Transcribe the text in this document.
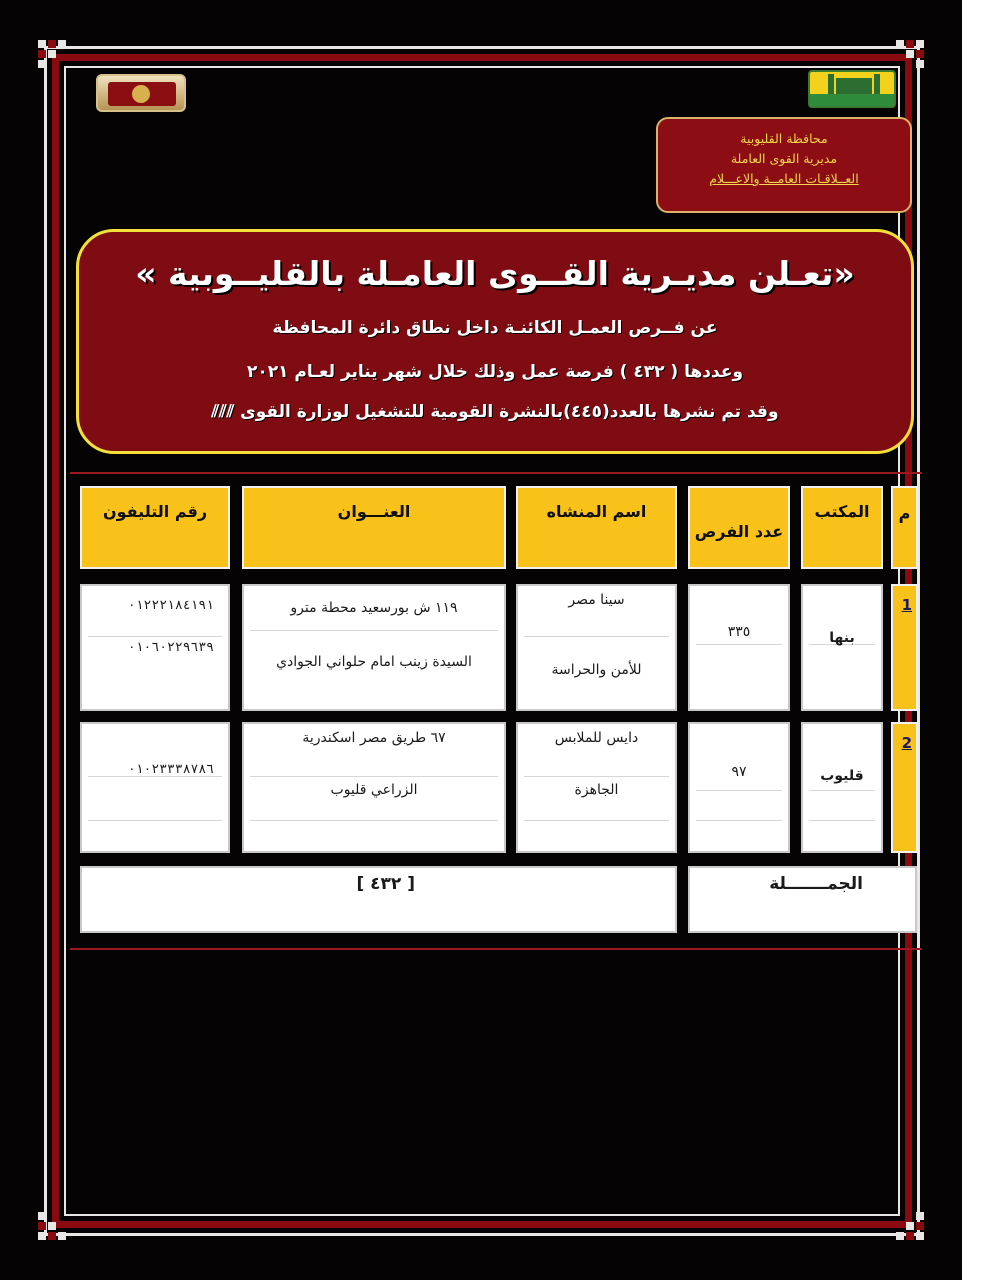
محافظة القليوبية
مديرية القوى العاملة
العــلاقـات العامــة والاعـــلام
«تعـلن مديـرية القــوى العامـلة بالقليــوبية »
عن فــرص العمـل الكائنـة داخل نطاق دائرة المحافظة
وعددها ( ٤٣٢ ) فرصة عمل وذلك خلال شهر يناير لعـام ٢٠٢١
وقد تم نشرها بالعدد(٤٤٥)بالنشرة القومية للتشغيل لوزارة القوى ⫽⫽⫽
م
المكتب
عدد الفرص
اسم المنشاه
العنـــوان
رقم التليفون
1
بنها
٣٣٥
سينا مصر
للأمن والحراسة
١١٩ ش بورسعيد محطة مترو
السيدة زينب امام حلواني الجوادي
٠١٢٢٢١٨٤١٩١
٠١٠٦٠٢٢٩٦٣٩
2
قليوب
٩٧
دايس للملابس
الجاهزة
٦٧ طريق مصر اسكندرية
الزراعي قليوب
٠١٠٢٣٣٣٨٧٨٦
الجمـــــــلة
[ ٤٣٢ ]
